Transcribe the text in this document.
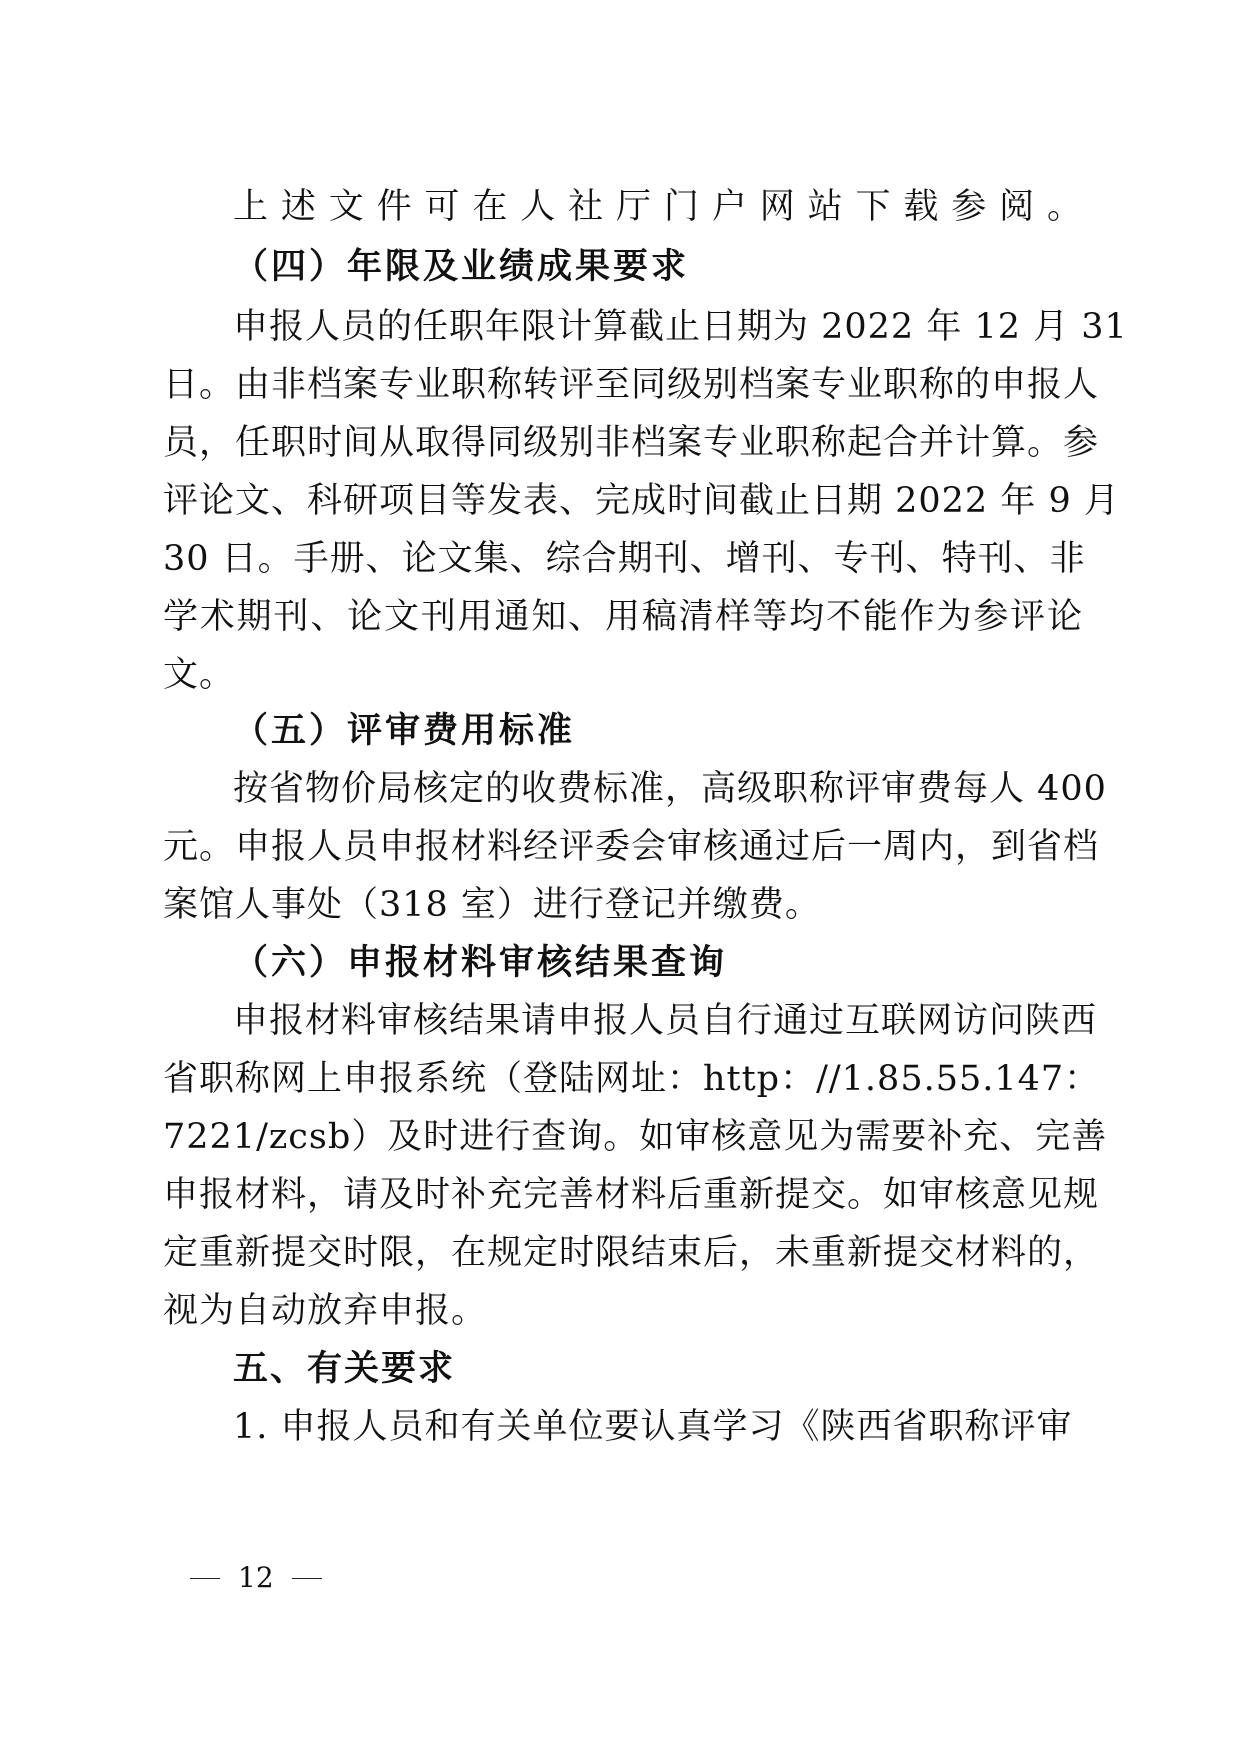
上述文件可在人社厅门户网站下载参阅。
（四）年限及业绩成果要求
申报人员的任职年限计算截止日期为 2022 年 12 月 31
日。由非档案专业职称转评至同级别档案专业职称的申报人
员，任职时间从取得同级别非档案专业职称起合并计算。参
评论文、科研项目等发表、完成时间截止日期 2022 年 9 月
30 日。手册、论文集、综合期刊、增刊、专刊、特刊、非
学术期刊、论文刊用通知、用稿清样等均不能作为参评论
文。
（五）评审费用标准
按省物价局核定的收费标准，高级职称评审费每人 400
元。申报人员申报材料经评委会审核通过后一周内，到省档
案馆人事处（318 室）进行登记并缴费。
（六）申报材料审核结果查询
申报材料审核结果请申报人员自行通过互联网访问陕西
省职称网上申报系统（登陆网址：http：//1.85.55.147：
7221/zcsb）及时进行查询。如审核意见为需要补充、完善
申报材料，请及时补充完善材料后重新提交。如审核意见规
定重新提交时限，在规定时限结束后，未重新提交材料的，
视为自动放弃申报。
五、有关要求
1. 申报人员和有关单位要认真学习《陕西省职称评审
12
